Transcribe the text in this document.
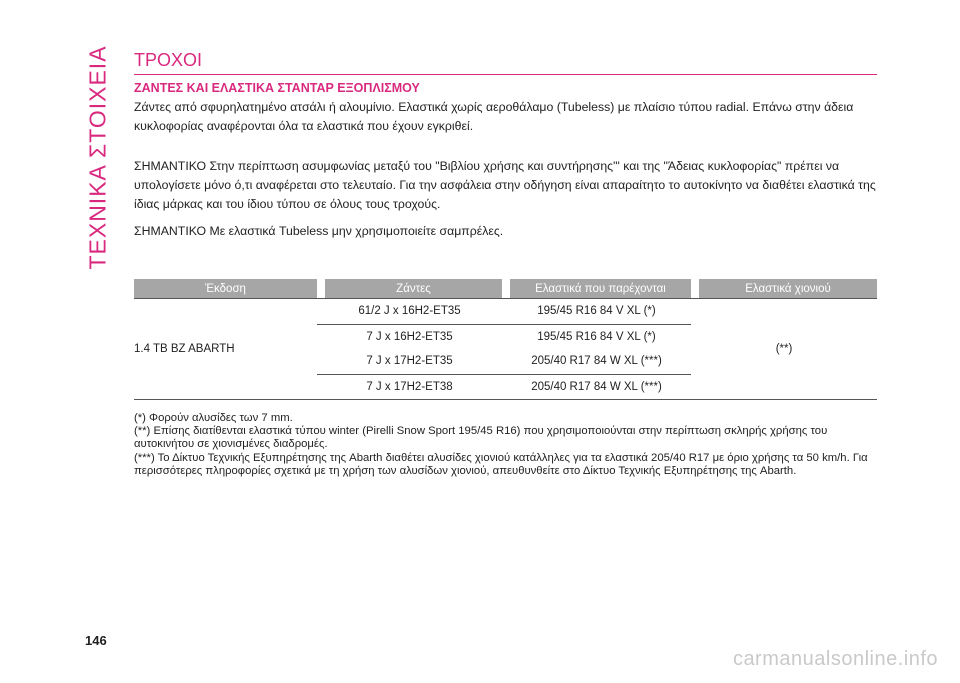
ΤΕΧΝΙΚΑ ΣΤΟΙΧΕΙΑ ΤΡΟΧΟΙ
ΖΑΝΤΕΣ ΚΑΙ ΕΛΑΣΤΙΚΑ ΣΤΑΝΤΑΡ ΕΞΟΠΛΙΣΜΟΥ

Ζάντες από σφυρηλατημένο ατσάλι ή αλουμίνιο. Ελαστικά χωρίς αεροθάλαμο (Tubeless) με πλαίσιο τύπου radial. Επάνω στην άδεια κυκλοφορίας αναφέρονται όλα τα ελαστικά που έχουν εγκριθεί.

ΣΗΜΑΝΤΙΚΟ Στην περίπτωση ασυμφωνίας μεταξύ του "Βιβλίου χρήσης και συντήρησης"' και της "Άδειας κυκλοφορίας" πρέπει να υπολογίσετε μόνο ό,τι αναφέρεται στο τελευταίο. Για την ασφάλεια στην οδήγηση είναι απαραίτητο το αυτοκίνητο να διαθέτει ελαστικά της ίδιας μάρκας και του ίδιου τύπου σε όλους τους τροχούς.

ΣΗΜΑΝΤΙΚΟ Με ελαστικά Tubeless μην χρησιμοποιείτε σαμπρέλες.

Έκδοση	Ζάντες	Ελαστικά που παρέχονται	Ελαστικά χιονιού
1.4 TB BZ ABARTH	61/2 J x 16H2-ET35	195/45 R16 84 V XL (*)	(**)
	7 J x 16H2-ET35	195/45 R16 84 V XL (*)	
	7 J x 17H2-ET35	205/40 R17 84 W XL (***)	
	7 J x 17H2-ET38	205/40 R17 84 W XL (***)	

(*) Φορούν αλυσίδες των 7 mm.

(**) Επίσης διατίθενται ελαστικά τύπου winter (Pirelli Snow Sport 195/45 R16) που χρησιμοποιούνται στην περίπτωση σκληρής χρήσης του αυτοκινήτου σε χιονισμένες διαδρομές.

(***) Το Δίκτυο Τεχνικής Εξυπηρέτησης της Abarth διαθέτει αλυσίδες χιονιού κατάλληλες για τα ελαστικά 205/40 R17 με όριο χρήσης τα 50 km/h. Για περισσότερες πληροφορίες σχετικά με τη χρήση των αλυσίδων χιονιού, απευθυνθείτε στο Δίκτυο Τεχνικής Εξυπηρέτησης της Abarth.

146
carmanualsonline.info
